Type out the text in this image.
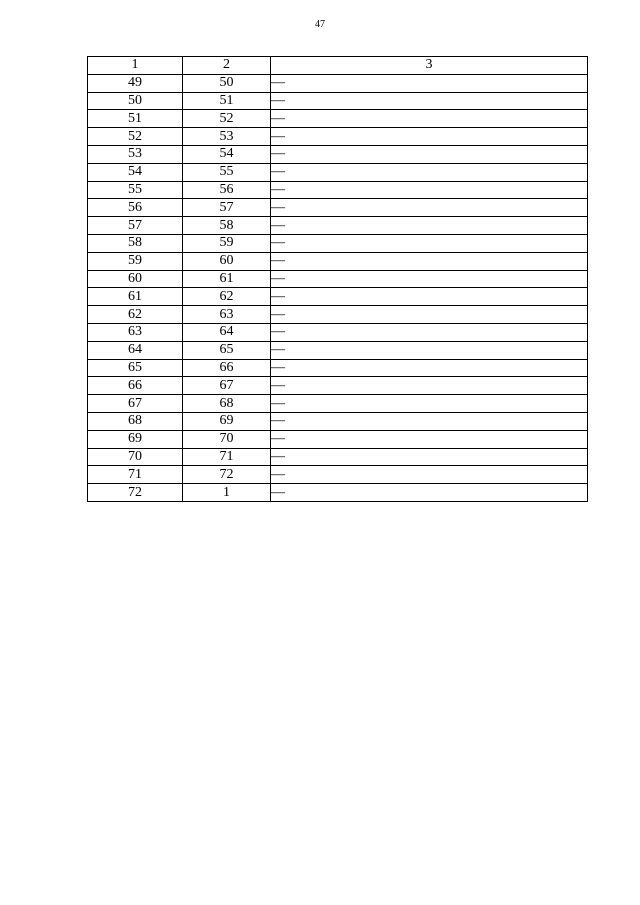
47
1	2	3
49	50	—
50	51	—
51	52	—
52	53	—
53	54	—
54	55	—
55	56	—
56	57	—
57	58	—
58	59	—
59	60	—
60	61	—
61	62	—
62	63	—
63	64	—
64	65	—
65	66	—
66	67	—
67	68	—
68	69	—
69	70	—
70	71	—
71	72	—
72	1	—
